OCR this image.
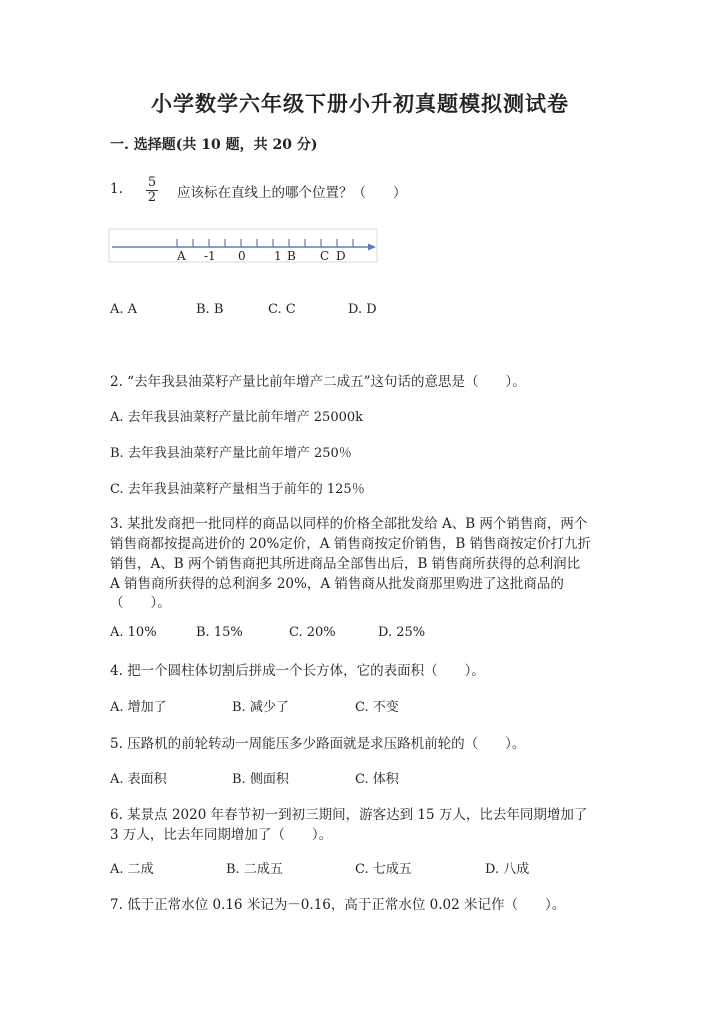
小学数学六年级下册小升初真题模拟测试卷
一. 选择题(共 10 题，共 20 分)
1. $\frac{5}{2}$ 应该标在直线上的哪个位置？（　　）
A -1 0 1 B C D
A. A	B. B	C. C	D. D
2. “去年我县油菜籽产量比前年增产二成五”这句话的意思是（　　）。
A. 去年我县油菜籽产量比前年增产 25000k
B. 去年我县油菜籽产量比前年增产 250％
C. 去年我县油菜籽产量相当于前年的 125％
3. 某批发商把一批同样的商品以同样的价格全部批发给 A、B 两个销售商，两个
销售商都按提高进价的 20%定价，A 销售商按定价销售，B 销售商按定价打九折
销售，A、B 两个销售商把其所进商品全部售出后，B 销售商所获得的总利润比
A 销售商所获得的总利润多 20%，A 销售商从批发商那里购进了这批商品的
（　　）。
A. 10%	B. 15%	C. 20%	D. 25%
4. 把一个圆柱体切割后拼成一个长方体，它的表面积（　　）。
A. 增加了	B. 减少了	C. 不变
5. 压路机的前轮转动一周能压多少路面就是求压路机前轮的（　　）。
A. 表面积	B. 侧面积	C. 体积
6. 某景点 2020 年春节初一到初三期间，游客达到 15 万人，比去年同期增加了
3 万人，比去年同期增加了（　　）。
A. 二成	B. 二成五	C. 七成五	D. 八成
7. 低于正常水位 0.16 米记为－0.16，高于正常水位 0.02 米记作（　　）。
